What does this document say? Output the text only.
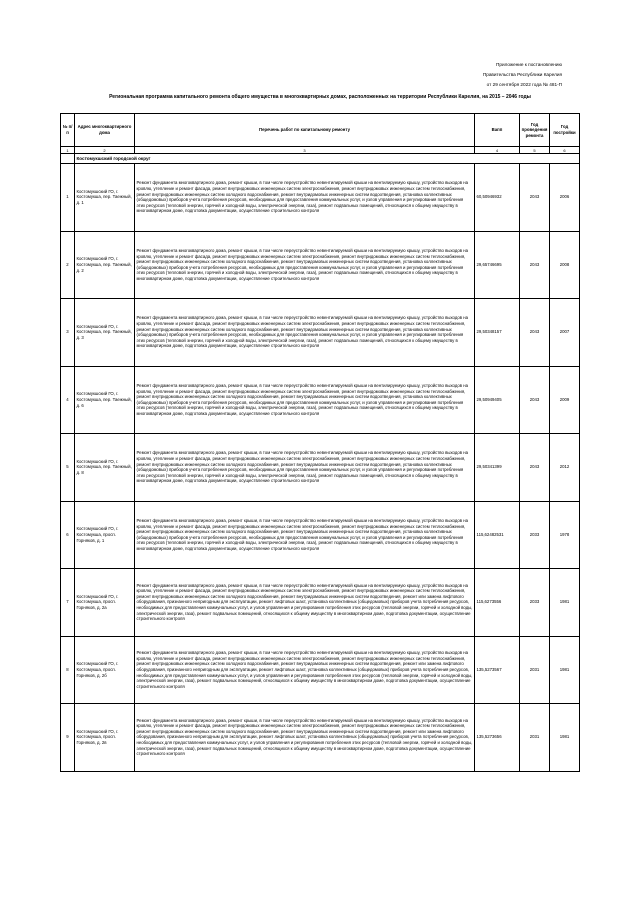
Приложение к постановлению
Правительства Республики Карелия
от 29 сентября 2022 года № 481-П
Региональная программа капитального ремонта общего имущества в многоквартирных домах, расположенных на территории Республики Карелия, на 2015 – 2046 годы
№ п/п	Адрес многоквартирного дома	Перечень работ по капитальному ремонту	Вапп	Год проведения ремонта	Год постройки
1	2	3	4	5	6
	Костомукшский городской округ				
1	Костомукшский ГО, г. Костомукша, пер. Таежный, д. 1	Ремонт фундамента многоквартирного дома, ремонт крыши, в том числе переустройство невентилируемой крыши на вентилируемую крышу, устройство выходов на кровлю, утепление и ремонт фасада, ремонт внутридомовых инженерных систем электроснабжения, ремонт внутридомовых инженерных систем теплоснабжения, ремонт внутридомовых инженерных систем холодного водоснабжения, ремонт внутридомовых инженерных систем водоотведения, установка коллективных (общедомовых) приборов учета потребления ресурсов, необходимых для предоставления коммунальных услуг, и узлов управления и регулирования потребления этих ресурсов (тепловой энергии, горячей и холодной воды, электрической энергии, газа), ремонт подвальных помещений, относящихся к общему имуществу в многоквартирном доме, подготовка документации, осуществление строительного контроля	60,50946932	2043	2006
2	Костомукшский ГО, г. Костомукша, пер. Таежный, д. 2	Ремонт фундамента многоквартирного дома, ремонт крыши, в том числе переустройство невентилируемой крыши на вентилируемую крышу, устройство выходов на кровлю, утепление и ремонт фасада, ремонт внутридомовых инженерных систем электроснабжения, ремонт внутридомовых инженерных систем теплоснабжения, ремонт внутридомовых инженерных систем холодного водоснабжения, ремонт внутридомовых инженерных систем водоотведения, установка коллективных (общедомовых) приборов учета потребления ресурсов, необходимых для предоставления коммунальных услуг, и узлов управления и регулирования потребления этих ресурсов (тепловой энергии, горячей и холодной воды, электрической энергии, газа), ремонт подвальных помещений, относящихся к общему имуществу в многоквартирном доме, подготовка документации, осуществление строительного контроля	29,65746695	2043	2008
3	Костомукшский ГО, г. Костомукша, пер. Таежный, д. 3	Ремонт фундамента многоквартирного дома, ремонт крыши, в том числе переустройство невентилируемой крыши на вентилируемую крышу, устройство выходов на кровлю, утепление и ремонт фасада, ремонт внутридомовых инженерных систем электроснабжения, ремонт внутридомовых инженерных систем теплоснабжения, ремонт внутридомовых инженерных систем холодного водоснабжения, ремонт внутридомовых инженерных систем водоотведения, установка коллективных (общедомовых) приборов учета потребления ресурсов, необходимых для предоставления коммунальных услуг, и узлов управления и регулирования потребления этих ресурсов (тепловой энергии, горячей и холодной воды, электрической энергии, газа), ремонт подвальных помещений, относящихся к общему имуществу в многоквартирном доме, подготовка документации, осуществление строительного контроля	29,50348157	2043	2007
4	Костомукшский ГО, г. Костомукша, пер. Таежный, д. 6	Ремонт фундамента многоквартирного дома, ремонт крыши, в том числе переустройство невентилируемой крыши на вентилируемую крышу, устройство выходов на кровлю, утепление и ремонт фасада, ремонт внутридомовых инженерных систем электроснабжения, ремонт внутридомовых инженерных систем теплоснабжения, ремонт внутридомовых инженерных систем холодного водоснабжения, ремонт внутридомовых инженерных систем водоотведения, установка коллективных (общедомовых) приборов учета потребления ресурсов, необходимых для предоставления коммунальных услуг, и узлов управления и регулирования потребления этих ресурсов (тепловой энергии, горячей и холодной воды, электрической энергии, газа), ремонт подвальных помещений, относящихся к общему имуществу в многоквартирном доме, подготовка документации, осуществление строительного контроля	29,50949405	2043	2009
5	Костомукшский ГО, г. Костомукша, пер. Таежный, д. 8	Ремонт фундамента многоквартирного дома, ремонт крыши, в том числе переустройство невентилируемой крыши на вентилируемую крышу, устройство выходов на кровлю, утепление и ремонт фасада, ремонт внутридомовых инженерных систем электроснабжения, ремонт внутридомовых инженерных систем теплоснабжения, ремонт внутридомовых инженерных систем холодного водоснабжения, ремонт внутридомовых инженерных систем водоотведения, установка коллективных (общедомовых) приборов учета потребления ресурсов, необходимых для предоставления коммунальных услуг, и узлов управления и регулирования потребления этих ресурсов (тепловой энергии, горячей и холодной воды, электрической энергии, газа), ремонт подвальных помещений, относящихся к общему имуществу в многоквартирном доме, подготовка документации, осуществление строительного контроля	29,50341399	2043	2012
6	Костомукшский ГО, г. Костомукша, просп. Горняков, д. 1	Ремонт фундамента многоквартирного дома, ремонт крыши, в том числе переустройство невентилируемой крыши на вентилируемую крышу, устройство выходов на кровлю, утепление и ремонт фасада, ремонт внутридомовых инженерных систем электроснабжения, ремонт внутридомовых инженерных систем теплоснабжения, ремонт внутридомовых инженерных систем холодного водоснабжения, ремонт внутридомовых инженерных систем водоотведения, установка коллективных (общедомовых) приборов учета потребления ресурсов, необходимых для предоставления коммунальных услуг, и узлов управления и регулирования потребления этих ресурсов (тепловой энергии, горячей и холодной воды, электрической энергии, газа), ремонт подвальных помещений, относящихся к общему имуществу в многоквартирном доме, подготовка документации, осуществление строительного контроля	115,62482531	2033	1978
7	Костомукшский ГО, г. Костомукша, просп. Горняков, д. 2а	Ремонт фундамента многоквартирного дома, ремонт крыши, в том числе переустройство невентилируемой крыши на вентилируемую крышу, устройство выходов на кровлю, утепление и ремонт фасада, ремонт внутридомовых инженерных систем электроснабжения, ремонт внутридомовых инженерных систем теплоснабжения, ремонт внутридомовых инженерных систем холодного водоснабжения, ремонт внутридомовых инженерных систем водоотведения, ремонт или замена лифтового оборудования, признанного непригодным для эксплуатации, ремонт лифтовых шахт, установка коллективных (общедомовых) приборов учета потребления ресурсов, необходимых для предоставления коммунальных услуг, и узлов управления и регулирования потребления этих ресурсов (тепловой энергии, горячей и холодной воды, электрической энергии, газа), ремонт подвальных помещений, относящихся к общему имуществу в многоквартирном доме, подготовка документации, осуществление строительного контроля	115,6273556	2033	1981
8	Костомукшский ГО, г. Костомукша, просп. Горняков, д. 2б	Ремонт фундамента многоквартирного дома, ремонт крыши, в том числе переустройство невентилируемой крыши на вентилируемую крышу, устройство выходов на кровлю, утепление и ремонт фасада, ремонт внутридомовых инженерных систем электроснабжения, ремонт внутридомовых инженерных систем теплоснабжения, ремонт внутридомовых инженерных систем холодного водоснабжения, ремонт внутридомовых инженерных систем водоотведения, ремонт или замена лифтового оборудования, признанного непригодным для эксплуатации, ремонт лифтовых шахт, установка коллективных (общедомовых) приборов учета потребления ресурсов, необходимых для предоставления коммунальных услуг, и узлов управления и регулирования потребления этих ресурсов (тепловой энергии, горячей и холодной воды, электрической энергии, газа), ремонт подвальных помещений, относящихся к общему имуществу в многоквартирном доме, подготовка документации, осуществление строительного контроля	135,5273567	2031	1981
9	Костомукшский ГО, г. Костомукша, просп. Горняков, д. 2в	Ремонт фундамента многоквартирного дома, ремонт крыши, в том числе переустройство невентилируемой крыши на вентилируемую крышу, устройство выходов на кровлю, утепление и ремонт фасада, ремонт внутридомовых инженерных систем электроснабжения, ремонт внутридомовых инженерных систем теплоснабжения, ремонт внутридомовых инженерных систем холодного водоснабжения, ремонт внутридомовых инженерных систем водоотведения, ремонт или замена лифтового оборудования, признанного непригодным для эксплуатации, ремонт лифтовых шахт, установка коллективных (общедомовых) приборов учета потребления ресурсов, необходимых для предоставления коммунальных услуг, и узлов управления и регулирования потребления этих ресурсов (тепловой энергии, горячей и холодной воды, электрической энергии, газа), ремонт подвальных помещений, относящихся к общему имуществу в многоквартирном доме, подготовка документации, осуществление строительного контроля	135,5273656	2031	1981
